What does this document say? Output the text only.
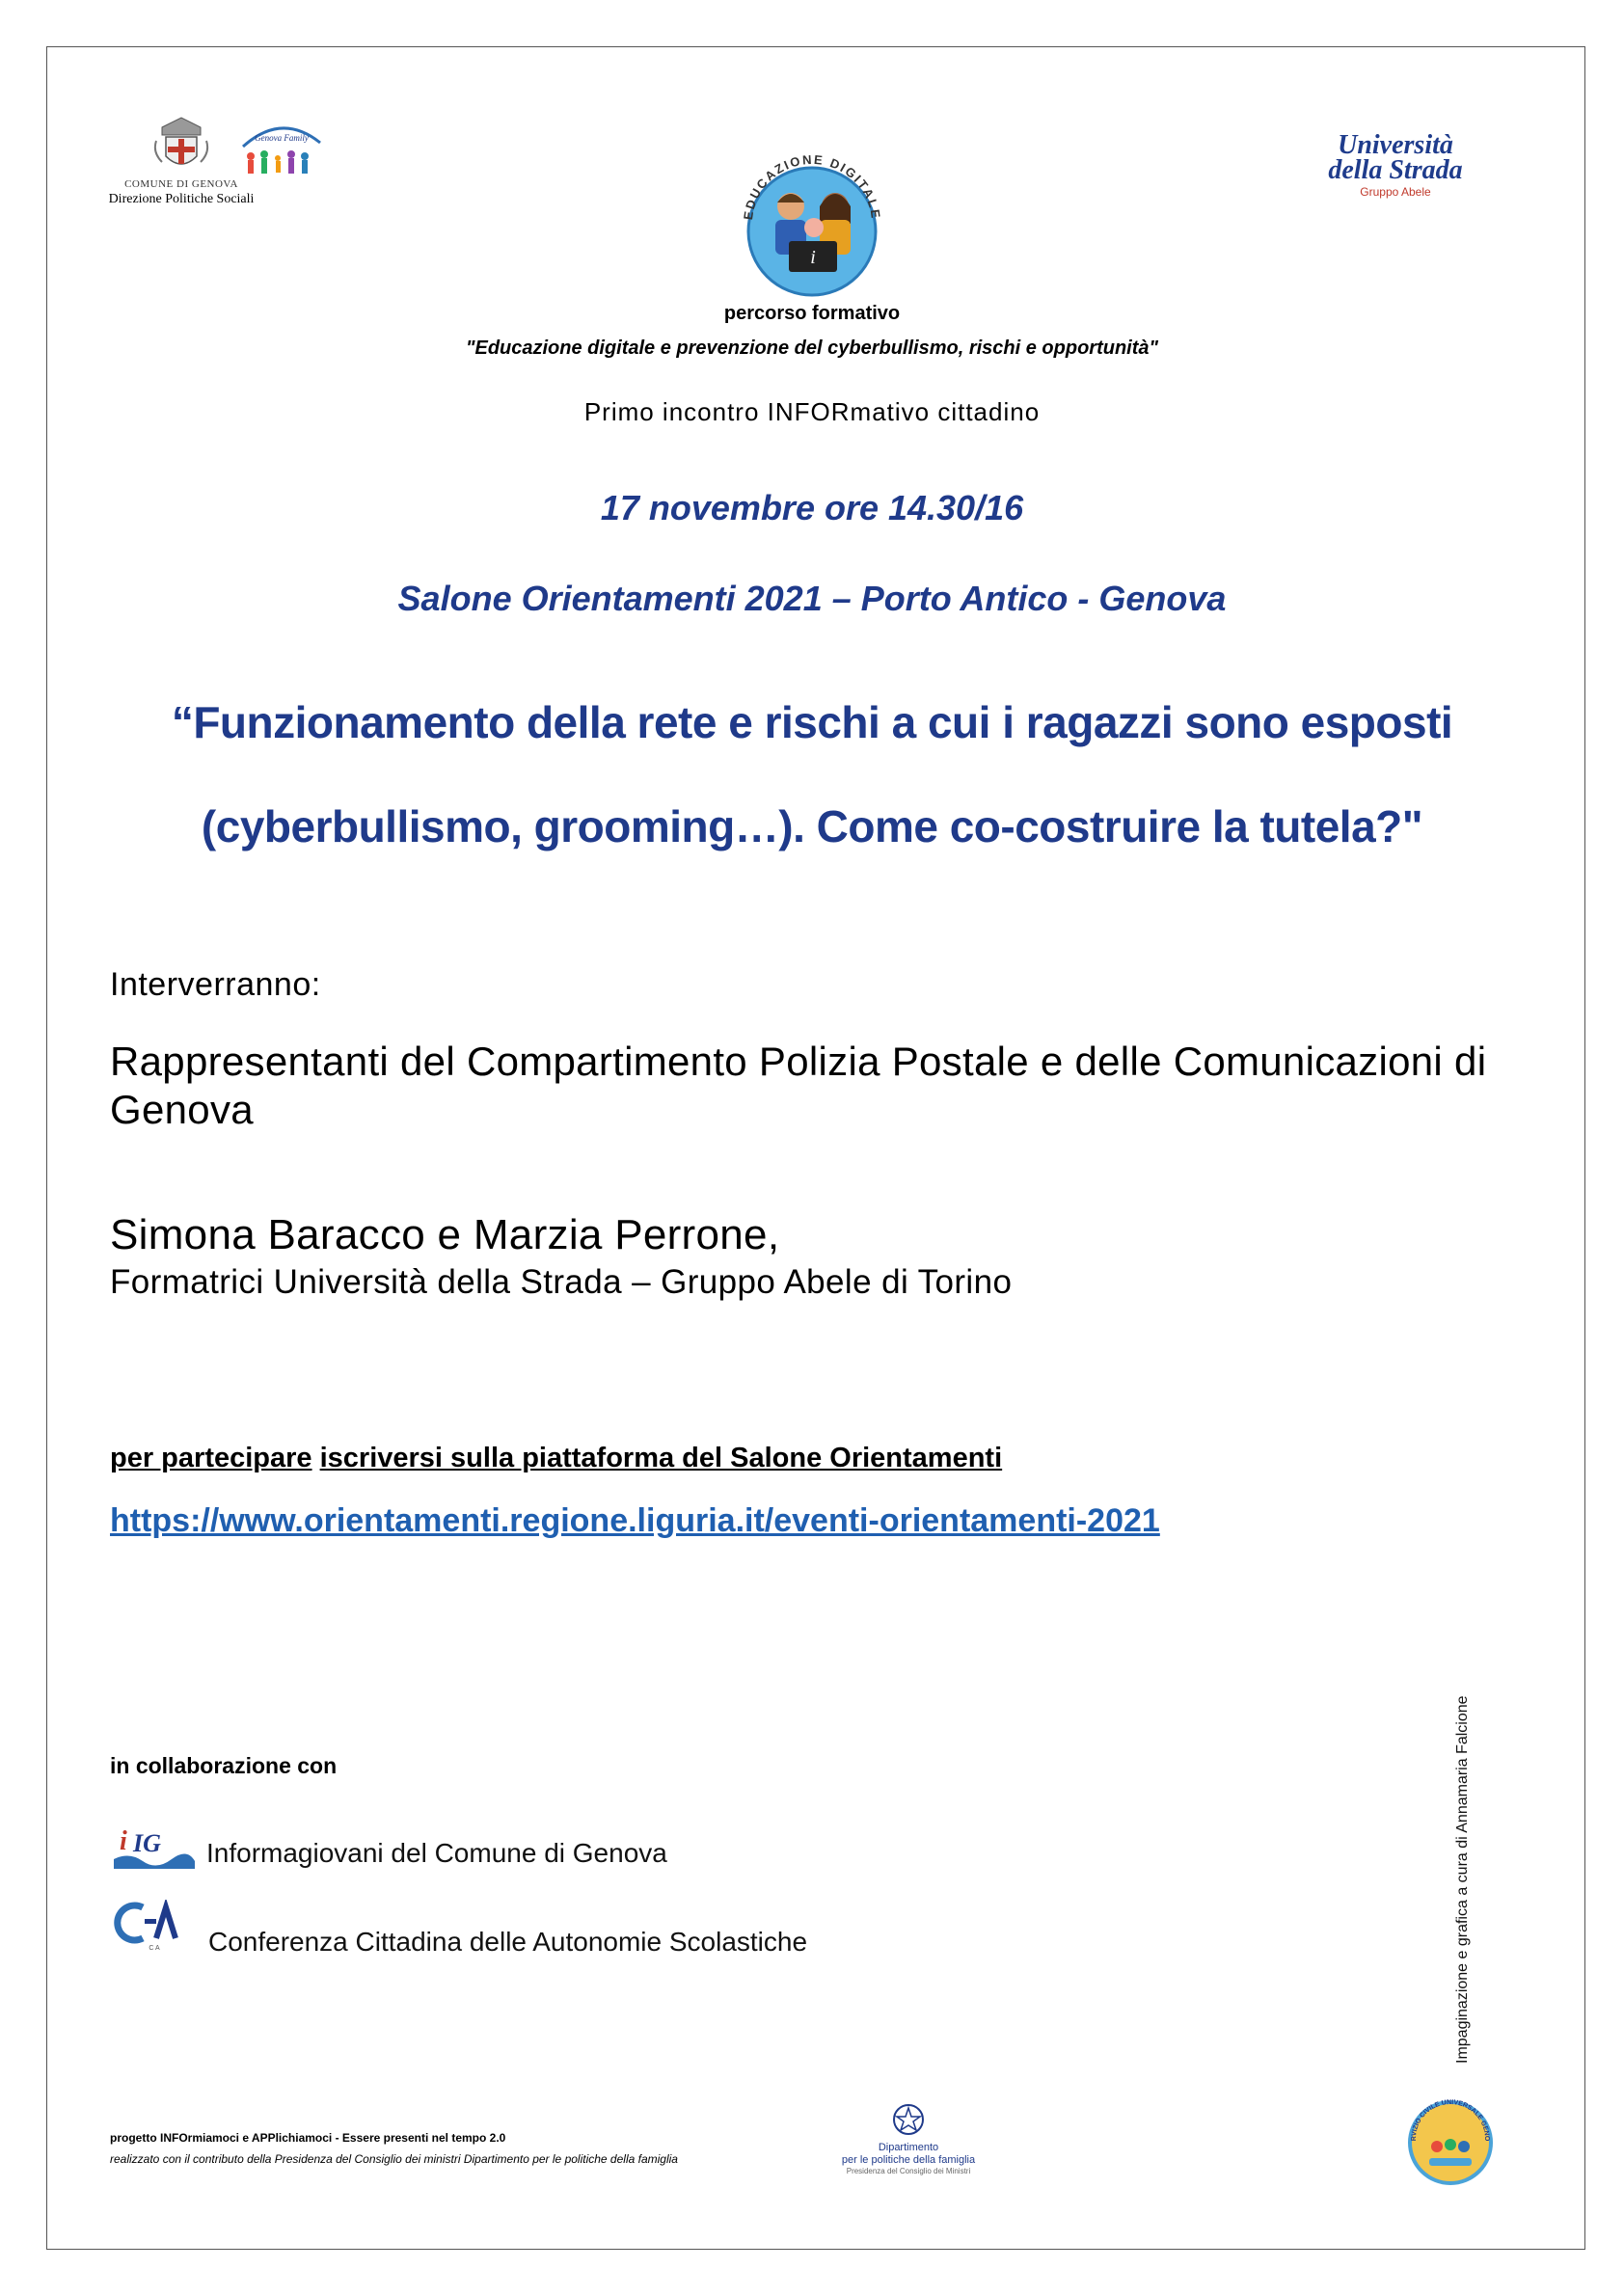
COMUNE DI GENOVA
Direzione Politiche Sociali
Genova Family
EDUCAZIONE DIGITALE
i
Università
della Strada
Gruppo Abele
percorso formativo
"Educazione digitale e prevenzione del cyberbullismo, rischi e opportunità"
Primo incontro INFORmativo cittadino
17 novembre ore 14.30/16
Salone Orientamenti 2021 – Porto Antico - Genova
“Funzionamento della rete e rischi a cui i ragazzi sono esposti
(cyberbullismo, grooming…). Come co-costruire la tutela?"
Interverranno:
Rappresentanti del Compartimento Polizia Postale e delle Comunicazioni di Genova
Simona Baracco e Marzia Perrone,
Formatrici Università della Strada – Gruppo Abele di Torino
per partecipare iscriversi sulla piattaforma del Salone Orientamenti
https://www.orientamenti.regione.liguria.it/eventi-orientamenti-2021
in collaborazione con
i IG Informagiovani del Comune di Genova
C A Conferenza Cittadina delle Autonomie Scolastiche	Impaginazione e grafica a cura di Annamaria Falcione
progetto INFOrmiamoci e APPlichiamoci - Essere presenti nel tempo 2.0
realizzato con il contributo della Presidenza del Consiglio dei ministri Dipartimento per le politiche della famiglia
Dipartimento
per le politiche della famiglia
Presidenza del Consiglio dei Ministri
RVIZIO CIVILE UNIVERSALE GENO
